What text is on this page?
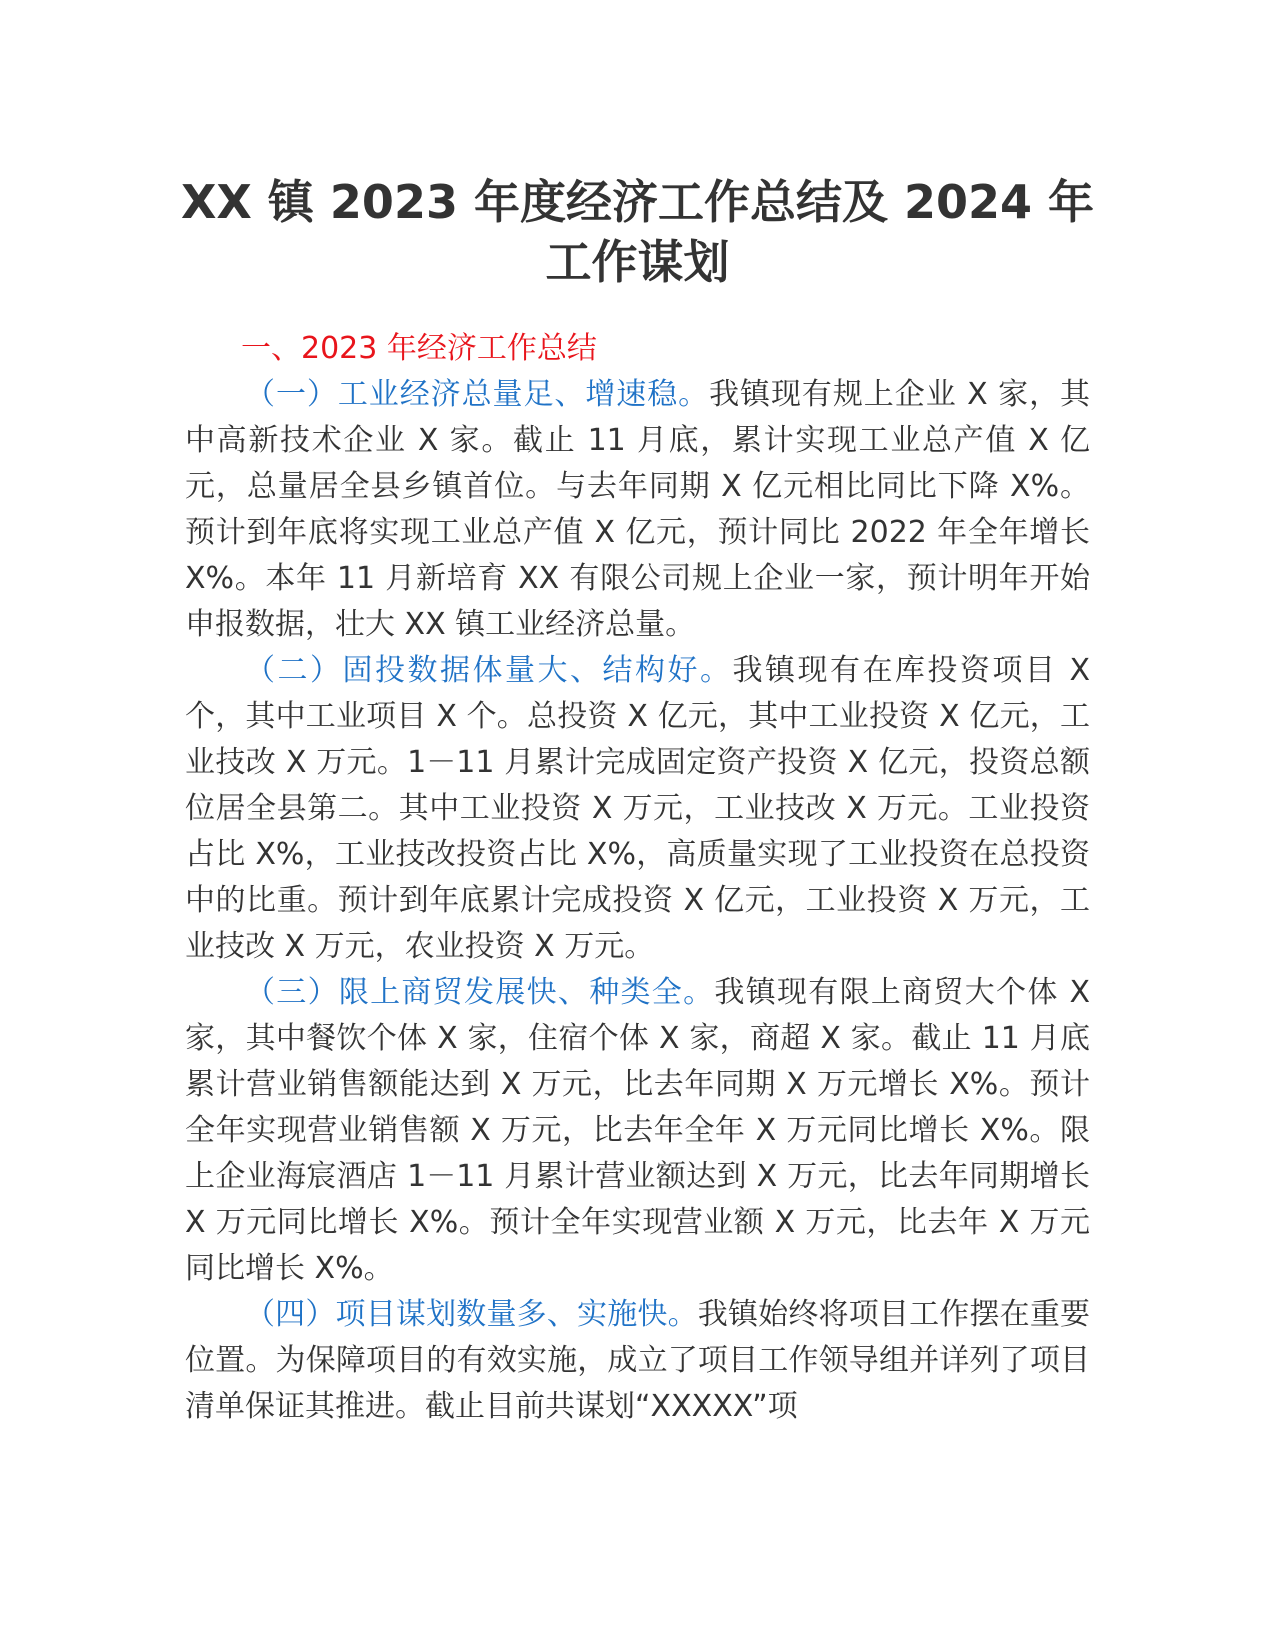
XX 镇 2023 年度经济工作总结及 2024 年
工作谋划

一、2023 年经济工作总结

（一）工业经济总量足、增速稳。我镇现有规上企业 X 家，其中高新技术企业 X 家。截止 11 月底，累计实现工业总产值 X 亿元，总量居全县乡镇首位。与去年同期 X 亿元相比同比下降 X%。预计到年底将实现工业总产值 X 亿元，预计同比 2022 年全年增长 X%。本年 11 月新培育 XX 有限公司规上企业一家，预计明年开始申报数据，壮大 XX 镇工业经济总量。

（二）固投数据体量大、结构好。我镇现有在库投资项目 X 个，其中工业项目 X 个。总投资 X 亿元，其中工业投资 X 亿元，工业技改 X 万元。1－11 月累计完成固定资产投资 X 亿元，投资总额位居全县第二。其中工业投资 X 万元，工业技改 X 万元。工业投资占比 X%，工业技改投资占比 X%，高质量实现了工业投资在总投资中的比重。预计到年底累计完成投资 X 亿元，工业投资 X 万元，工业技改 X 万元，农业投资 X 万元。

（三）限上商贸发展快、种类全。我镇现有限上商贸大个体 X 家，其中餐饮个体 X 家，住宿个体 X 家，商超 X 家。截止 11 月底累计营业销售额能达到 X 万元，比去年同期 X 万元增长 X%。预计全年实现营业销售额 X 万元，比去年全年 X 万元同比增长 X%。限上企业海宸酒店 1－11 月累计营业额达到 X 万元，比去年同期增长 X 万元同比增长 X%。预计全年实现营业额 X 万元，比去年 X 万元同比增长 X%。

（四）项目谋划数量多、实施快。我镇始终将项目工作摆在重要位置。为保障项目的有效实施，成立了项目工作领导组并详列了项目清单保证其推进。截止目前共谋划“XXXXX”项
